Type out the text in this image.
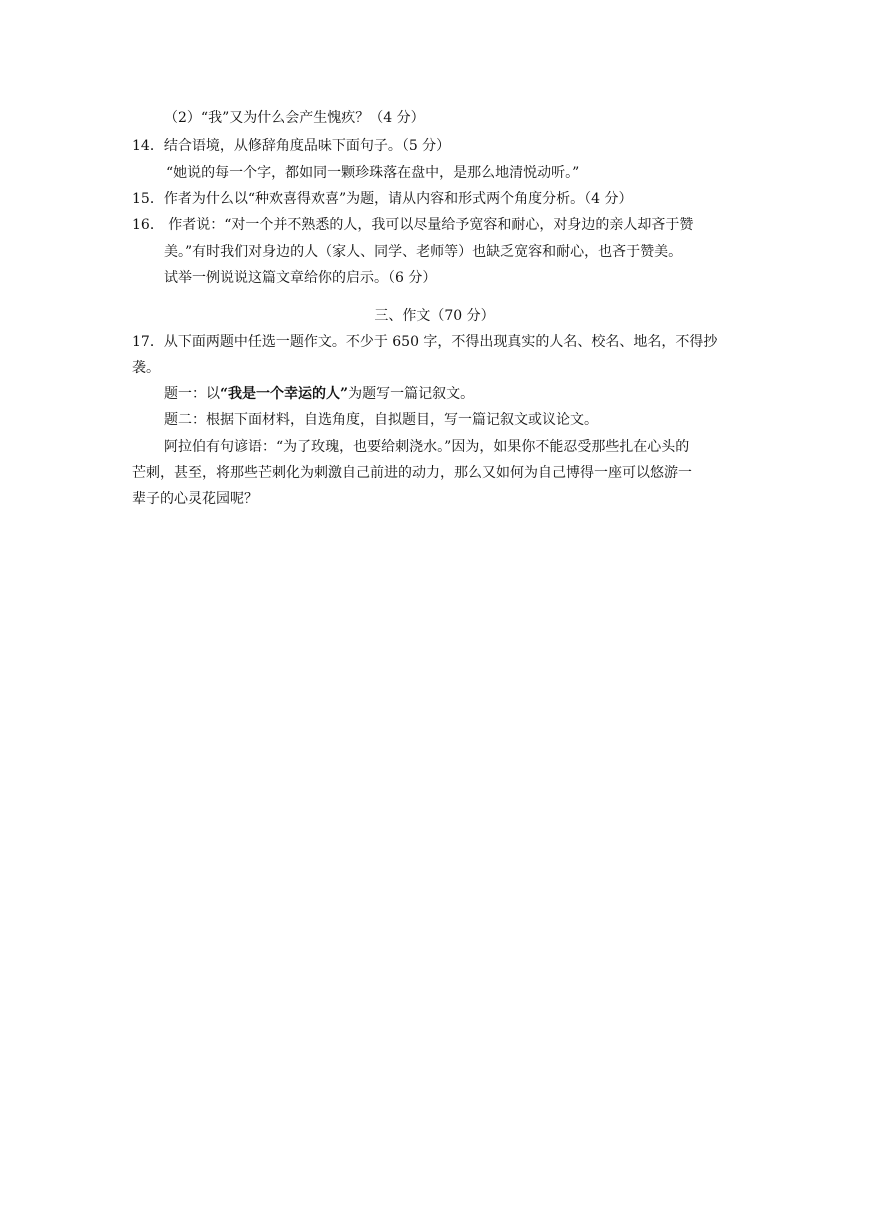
（2）“我”又为什么会产生愧疚？（4 分）
14．结合语境，从修辞角度品味下面句子。（5 分）
“她说的每一个字，都如同一颗珍珠落在盘中，是那么地清悦动听。”
15．作者为什么以“种欢喜得欢喜”为题，请从内容和形式两个角度分析。（4 分）
16． 作者说：“对一个并不熟悉的人，我可以尽量给予宽容和耐心，对身边的亲人却吝于赞
美。”有时我们对身边的人（家人、同学、老师等）也缺乏宽容和耐心，也吝于赞美。
试举一例说说这篇文章给你的启示。（6 分）
三、作文（70 分）
17．从下面两题中任选一题作文。不少于 650 字，不得出现真实的人名、校名、地名，不得抄
袭。
题一：以“我是一个幸运的人”为题写一篇记叙文。
题二：根据下面材料，自选角度，自拟题目，写一篇记叙文或议论文。
阿拉伯有句谚语：“为了玫瑰，也要给刺浇水。”因为，如果你不能忍受那些扎在心头的
芒刺，甚至，将那些芒刺化为刺激自己前进的动力，那么又如何为自己博得一座可以悠游一
辈子的心灵花园呢？
